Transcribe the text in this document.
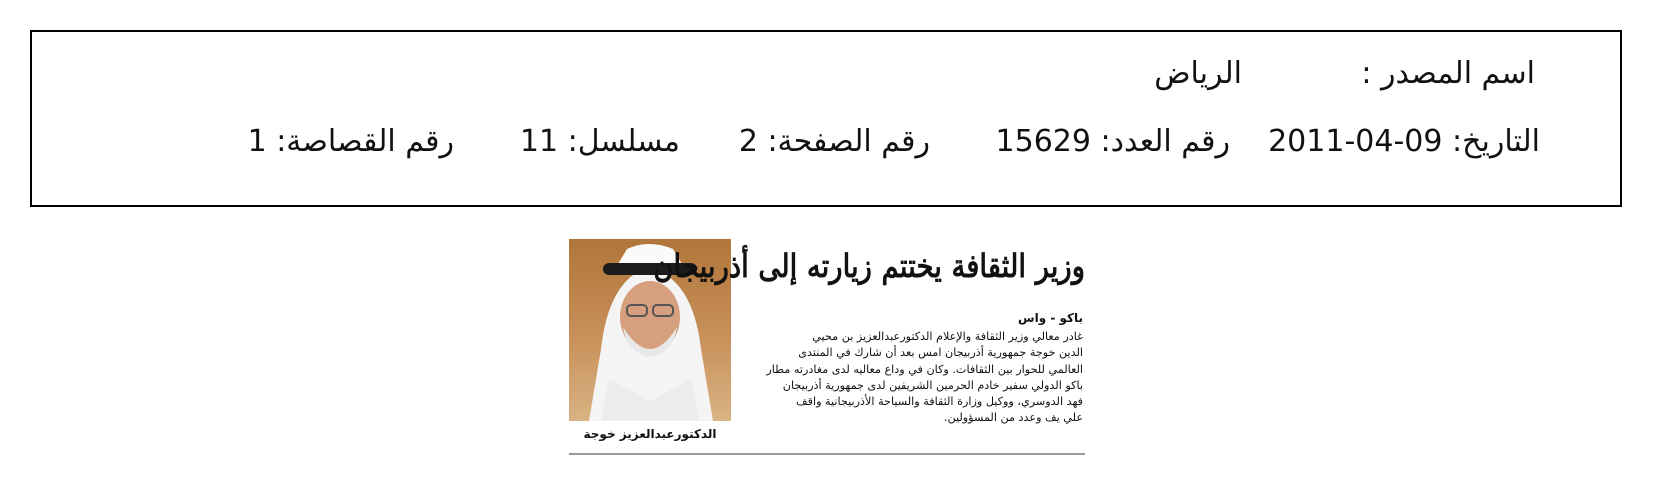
اسم المصدر :
الرياض
التاريخ: 09-04-2011
رقم العدد: 15629
رقم الصفحة: 2
مسلسل: 11
رقم القصاصة: 1
الدكتورعبدالعزيز خوجة
وزير الثقافة يختتم زيارته إلى أذربيجان
باكو - واس
غادر معالي وزير الثقافة والإعلام الدكتورعبدالعزيز بن محيي
الدين خوجة جمهورية أذربيجان امس بعد أن شارك في المنتدى
العالمي للحوار بين الثقافات. وكان في وداع معاليه لدى مغادرته مطار
باكو الدولي سفير خادم الحرمين الشريفين لدى جمهورية أذربيجان
فهد الدوسري، ووكيل وزارة الثقافة والسياحة الأذربيجانية واقف
علي يف وعدد من المسؤولين.
